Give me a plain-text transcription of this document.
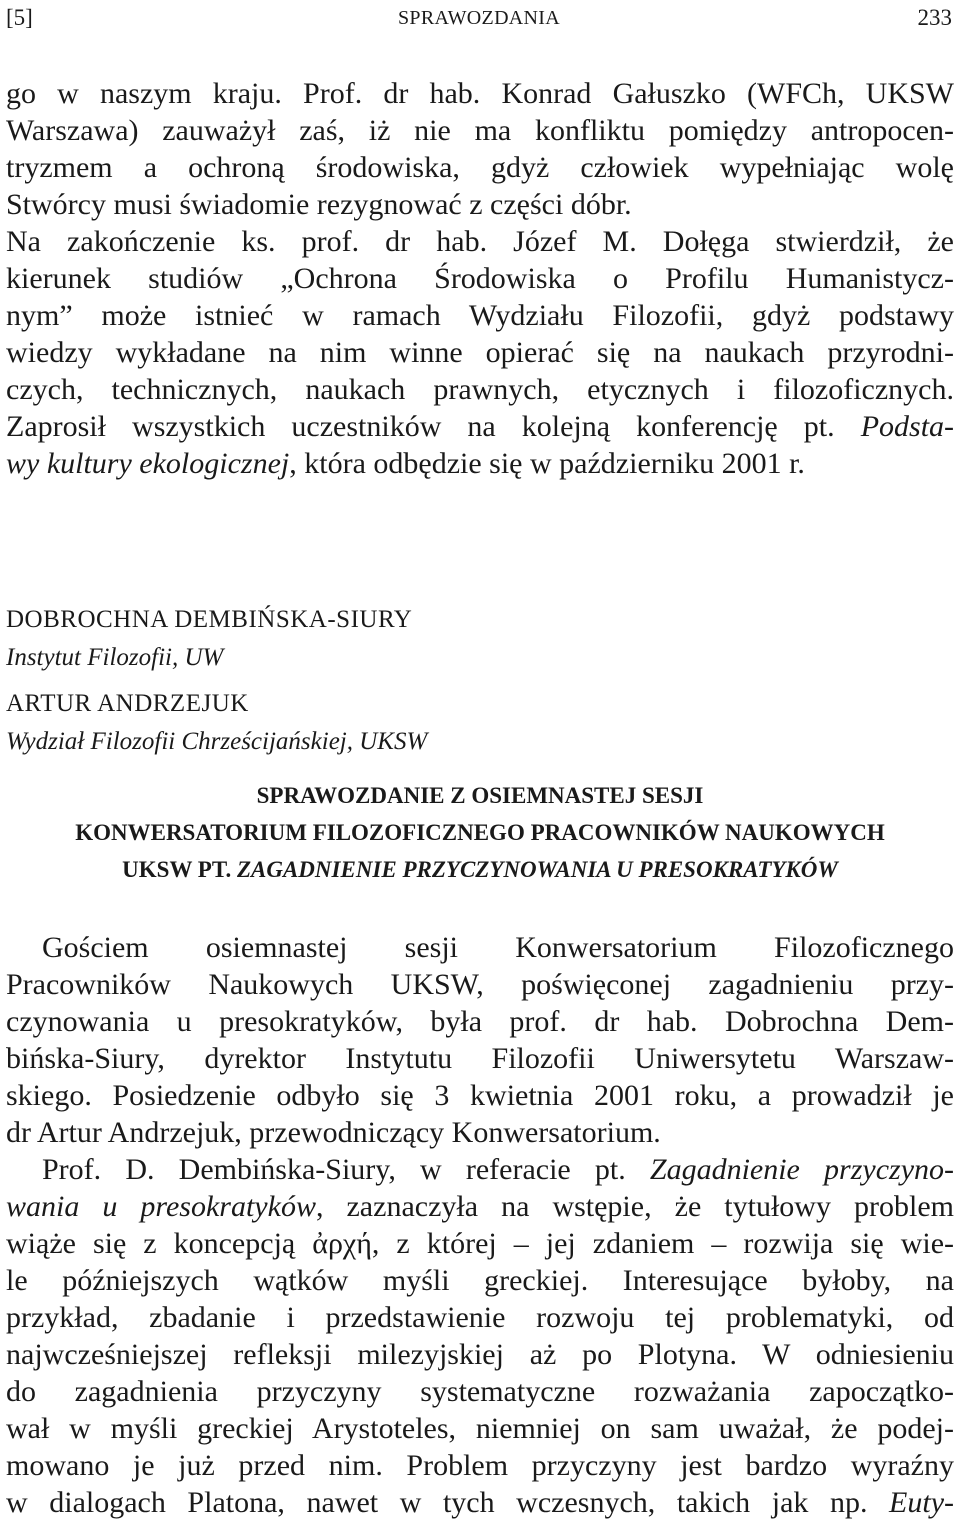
[5]	SPRAWOZDANIA	233
go w naszym kraju. Prof. dr hab. Konrad Gałuszko (WFCh, UKSW
Warszawa) zauważył zaś, iż nie ma konfliktu pomiędzy antropocen-
tryzmem a ochroną środowiska, gdyż człowiek wypełniając wolę
Stwórcy musi świadomie rezygnować z części dóbr.
Na zakończenie ks. prof. dr hab. Józef M. Dołęga stwierdził, że
kierunek studiów „Ochrona Środowiska o Profilu Humanistycz-
nym” może istnieć w ramach Wydziału Filozofii, gdyż podstawy
wiedzy wykładane na nim winne opierać się na naukach przyrodni-
czych, technicznych, naukach prawnych, etycznych i filozoficznych.
Zaprosił wszystkich uczestników na kolejną konferencję pt. Podsta-
wy kultury ekologicznej, która odbędzie się w październiku 2001 r.
DOBROCHNA DEMBIŃSKA-SIURY
Instytut Filozofii, UW
ARTUR ANDRZEJUK
Wydział Filozofii Chrześcijańskiej, UKSW
SPRAWOZDANIE Z OSIEMNASTEJ SESJI
KONWERSATORIUM FILOZOFICZNEGO PRACOWNIKÓW NAUKOWYCH
UKSW PT. ZAGADNIENIE PRZYCZYNOWANIA U PRESOKRATYKÓW
Gościem osiemnastej sesji Konwersatorium Filozoficznego
Pracowników Naukowych UKSW, poświęconej zagadnieniu przy-
czynowania u presokratyków, była prof. dr hab. Dobrochna Dem-
bińska-Siury, dyrektor Instytutu Filozofii Uniwersytetu Warszaw-
skiego. Posiedzenie odbyło się 3 kwietnia 2001 roku, a prowadził je
dr Artur Andrzejuk, przewodniczący Konwersatorium.
Prof. D. Dembińska-Siury, w referacie pt. Zagadnienie przyczyno-
wania u presokratyków, zaznaczyła na wstępie, że tytułowy problem
wiąże się z koncepcją ἀρχή, z której – jej zdaniem – rozwija się wie-
le późniejszych wątków myśli greckiej. Interesujące byłoby, na
przykład, zbadanie i przedstawienie rozwoju tej problematyki, od
najwcześniejszej refleksji milezyjskiej aż po Plotyna. W odniesieniu
do zagadnienia przyczyny systematyczne rozważania zapoczątko-
wał w myśli greckiej Arystoteles, niemniej on sam uważał, że podej-
mowano je już przed nim. Problem przyczyny jest bardzo wyraźny
w dialogach Platona, nawet w tych wczesnych, takich jak np. Euty-
